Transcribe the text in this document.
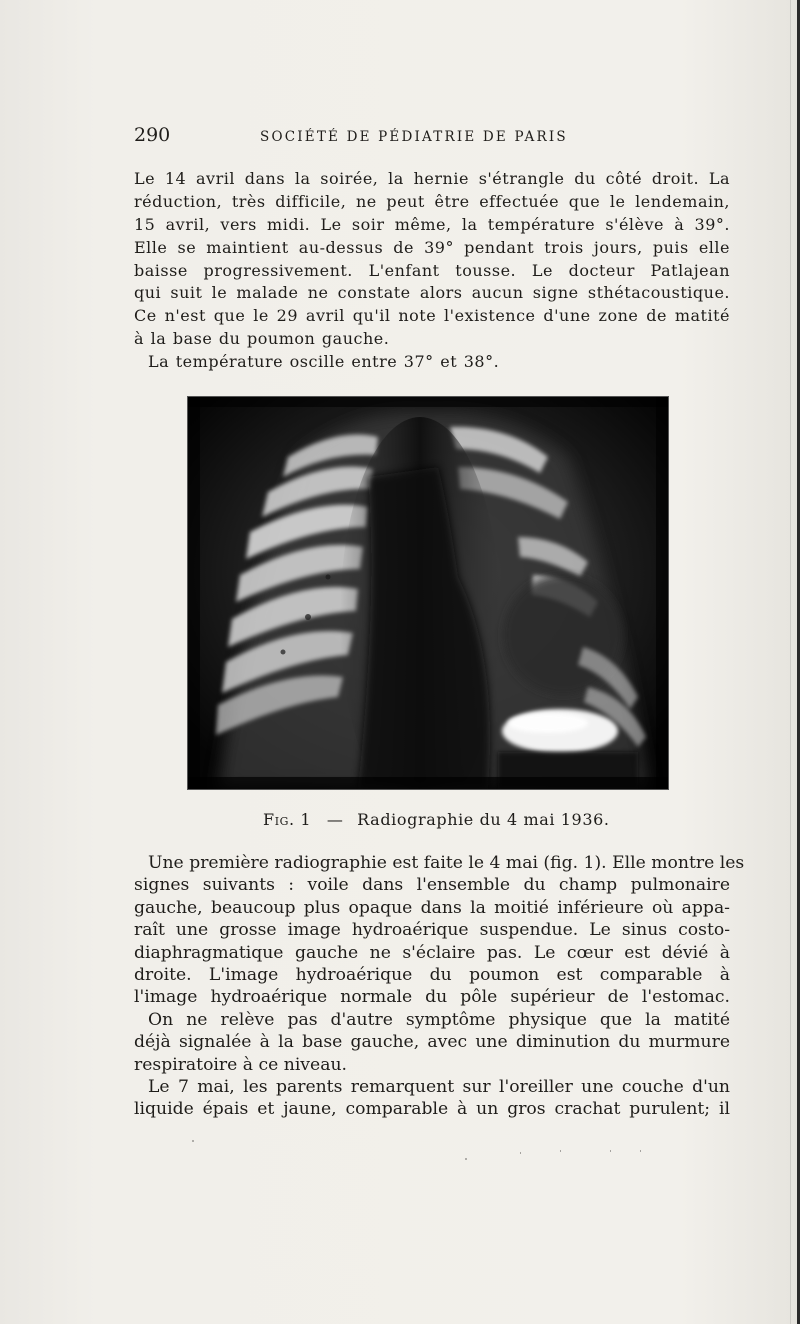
290	SOCIÉTÉ DE PÉDIATRIE DE PARIS
Le 14 avril dans la soirée, la hernie s'étrangle du côté droit. La
réduction, très difficile, ne peut être effectuée que le lendemain,
15 avril, vers midi. Le soir même, la température s'élève à 39°.
Elle se maintient au-dessus de 39° pendant trois jours, puis elle
baisse progressivement. L'enfant tousse. Le docteur Patlajean
qui suit le malade ne constate alors aucun signe sthétacoustique.
Ce n'est que le 29 avril qu'il note l'existence d'une zone de matité
à la base du poumon gauche.
La température oscille entre 37° et 38°.
Fig. 1 — Radiographie du 4 mai 1936.
Une première radiographie est faite le 4 mai (fig. 1). Elle montre les
signes suivants : voile dans l'ensemble du champ pulmonaire
gauche, beaucoup plus opaque dans la moitié inférieure où appa-
raît une grosse image hydroaérique suspendue. Le sinus costo-
diaphragmatique gauche ne s'éclaire pas. Le cœur est dévié à
droite. L'image hydroaérique du poumon est comparable à
l'image hydroaérique normale du pôle supérieur de l'estomac.
On ne relève pas d'autre symptôme physique que la matité
déjà signalée à la base gauche, avec une diminution du murmure
respiratoire à ce niveau.
Le 7 mai, les parents remarquent sur l'oreiller une couche d'un
liquide épais et jaune, comparable à un gros crachat purulent; il
